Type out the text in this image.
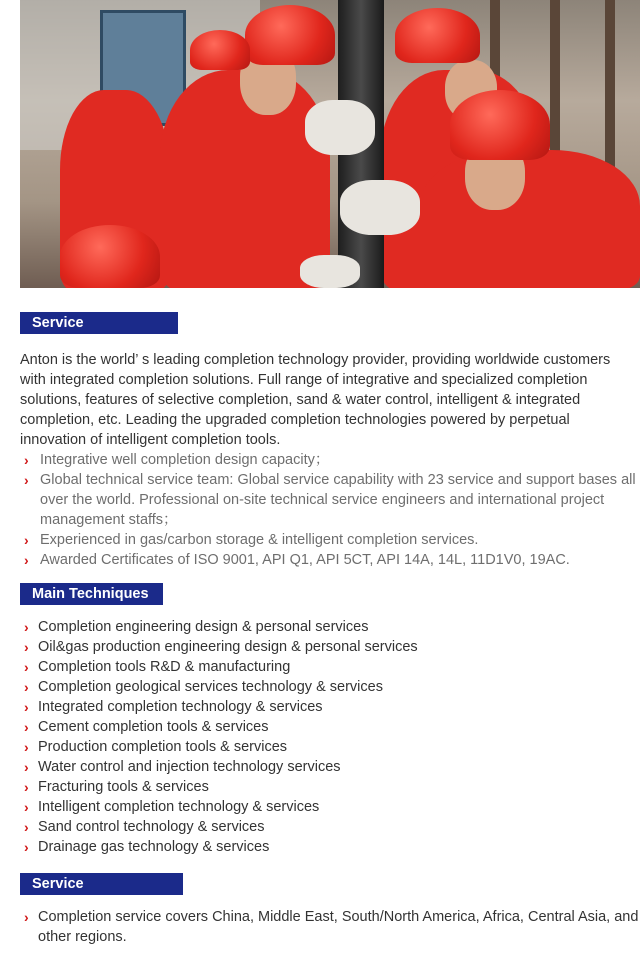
Service Capabilities
Anton is the world’ s leading completion technology provider, providing worldwide customers with integrated completion solutions. Full range of integrative and specialized completion solutions, features of selective completion, sand & water control, intelligent & integrated completion, etc. Leading the upgraded completion technologies powered by perpetual innovation of intelligent completion tools.
› Integrative well completion design capacity；
› Global technical service team: Global service capability with 23 service and support bases all over the world. Professional on-site technical service engineers and international project management staffs；
› Experienced in gas/carbon storage & intelligent completion services.
› Awarded Certificates of ISO 9001, API Q1, API 5CT, API 14A, 14L, 11D1V0, 19AC.
Main Techniques
› Completion engineering design & personal services
› Oil&gas production engineering design & personal services
› Completion tools R&D & manufacturing
› Completion geological services technology & services
› Integrated completion technology & services
› Cement completion tools & services
› Production completion tools & services
› Water control and injection technology services
› Fracturing tools & services
› Intelligent completion technology & services
› Sand control technology & services
› Drainage gas technology & services
Service Performance
› Completion service covers China, Middle East, South/North America, Africa, Central Asia, and other regions.
